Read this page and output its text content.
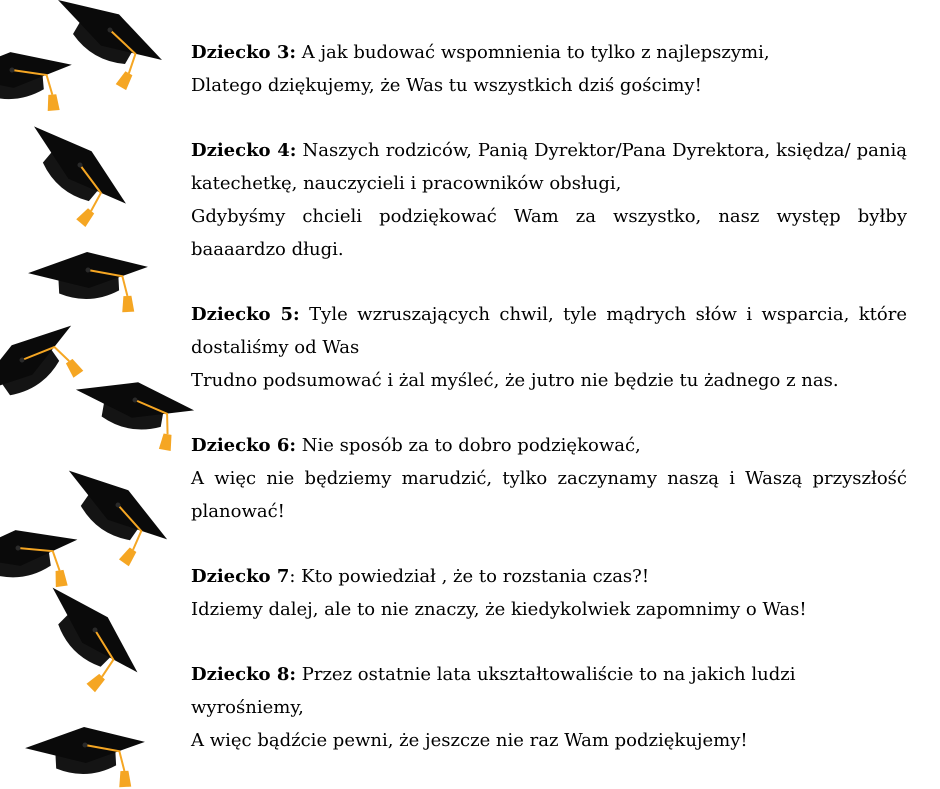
Dziecko 3: A jak budować wspomnienia to tylko z najlepszymi,
Dlatego dziękujemy, że Was tu wszystkich dziś gościmy!
Dziecko 4: Naszych rodziców, Panią Dyrektor/Pana Dyrektora, księdza/ panią
katechetkę, nauczycieli i pracowników obsługi,
Gdybyśmy chcieli podziękować Wam za wszystko, nasz występ byłby
baaaardzo długi.
Dziecko 5: Tyle wzruszających chwil, tyle mądrych słów i wsparcia, które
dostaliśmy od Was
Trudno podsumować i żal myśleć, że jutro nie będzie tu żadnego z nas.
Dziecko 6: Nie sposób za to dobro podziękować,
A więc nie będziemy marudzić, tylko zaczynamy naszą i Waszą przyszłość
planować!
Dziecko 7: Kto powiedział , że to rozstania czas?!
Idziemy dalej, ale to nie znaczy, że kiedykolwiek zapomnimy o Was!
Dziecko 8: Przez ostatnie lata ukształtowaliście to na jakich ludzi wyrośniemy,
A więc bądźcie pewni, że jeszcze nie raz Wam podziękujemy!
